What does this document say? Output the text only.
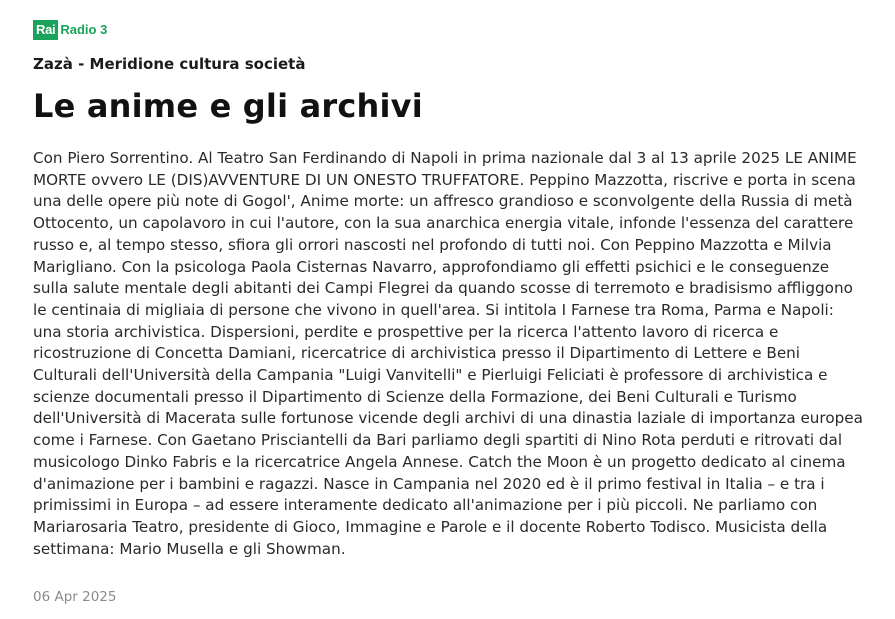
Rai Radio 3
Zazà - Meridione cultura società
Le anime e gli archivi

Con Piero Sorrentino. Al Teatro San Ferdinando di Napoli in prima nazionale dal 3 al 13 aprile 2025 LE ANIME MORTE ovvero LE (DIS)AVVENTURE DI UN ONESTO TRUFFATORE. Peppino Mazzotta, riscrive e porta in scena una delle opere più note di Gogol', Anime morte: un affresco grandioso e sconvolgente della Russia di metà Ottocento, un capolavoro in cui l'autore, con la sua anarchica energia vitale, infonde l'essenza del carattere russo e, al tempo stesso, sfiora gli orrori nascosti nel profondo di tutti noi. Con Peppino Mazzotta e Milvia Marigliano. Con la psicologa Paola Cisternas Navarro, approfondiamo gli effetti psichici e le conseguenze sulla salute mentale degli abitanti dei Campi Flegrei da quando scosse di terremoto e bradisismo affliggono le centinaia di migliaia di persone che vivono in quell'area. Si intitola I Farnese tra Roma, Parma e Napoli: una storia archivistica. Dispersioni, perdite e prospettive per la ricerca l'attento lavoro di ricerca e ricostruzione di Concetta Damiani, ricercatrice di archivistica presso il Dipartimento di Lettere e Beni Culturali dell'Università della Campania "Luigi Vanvitelli" e Pierluigi Feliciati è professore di archivistica e scienze documentali presso il Dipartimento di Scienze della Formazione, dei Beni Culturali e Turismo dell'Università di Macerata sulle fortunose vicende degli archivi di una dinastia laziale di importanza europea come i Farnese. Con Gaetano Prisciantelli da Bari parliamo degli spartiti di Nino Rota perduti e ritrovati dal musicologo Dinko Fabris e la ricercatrice Angela Annese. Catch the Moon è un progetto dedicato al cinema d'animazione per i bambini e ragazzi. Nasce in Campania nel 2020 ed è il primo festival in Italia – e tra i primissimi in Europa – ad essere interamente dedicato all'animazione per i più piccoli. Ne parliamo con Mariarosaria Teatro, presidente di Gioco, Immagine e Parole e il docente Roberto Todisco. Musicista della settimana: Mario Musella e gli Showman.

06 Apr 2025
